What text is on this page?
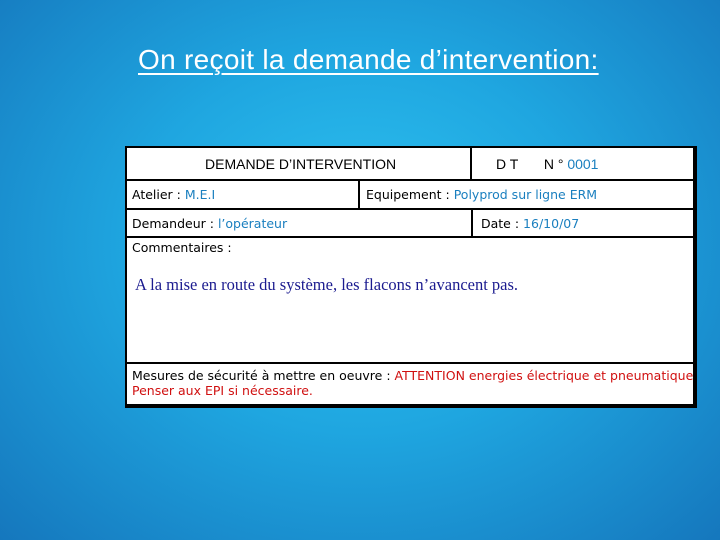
On reçoit la demande d’intervention:
DEMANDE D’INTERVENTION	D T N ° 0001
Atelier : M.E.I	Equipement : Polyprod sur ligne ERM
Demandeur : l’opérateur	Date : 16/10/07
Commentaires :
A la mise en route du système, les flacons n’avancent pas.
Mesures de sécurité à mettre en oeuvre : ATTENTION energies électrique et pneumatique
Penser aux EPI si nécessaire.
